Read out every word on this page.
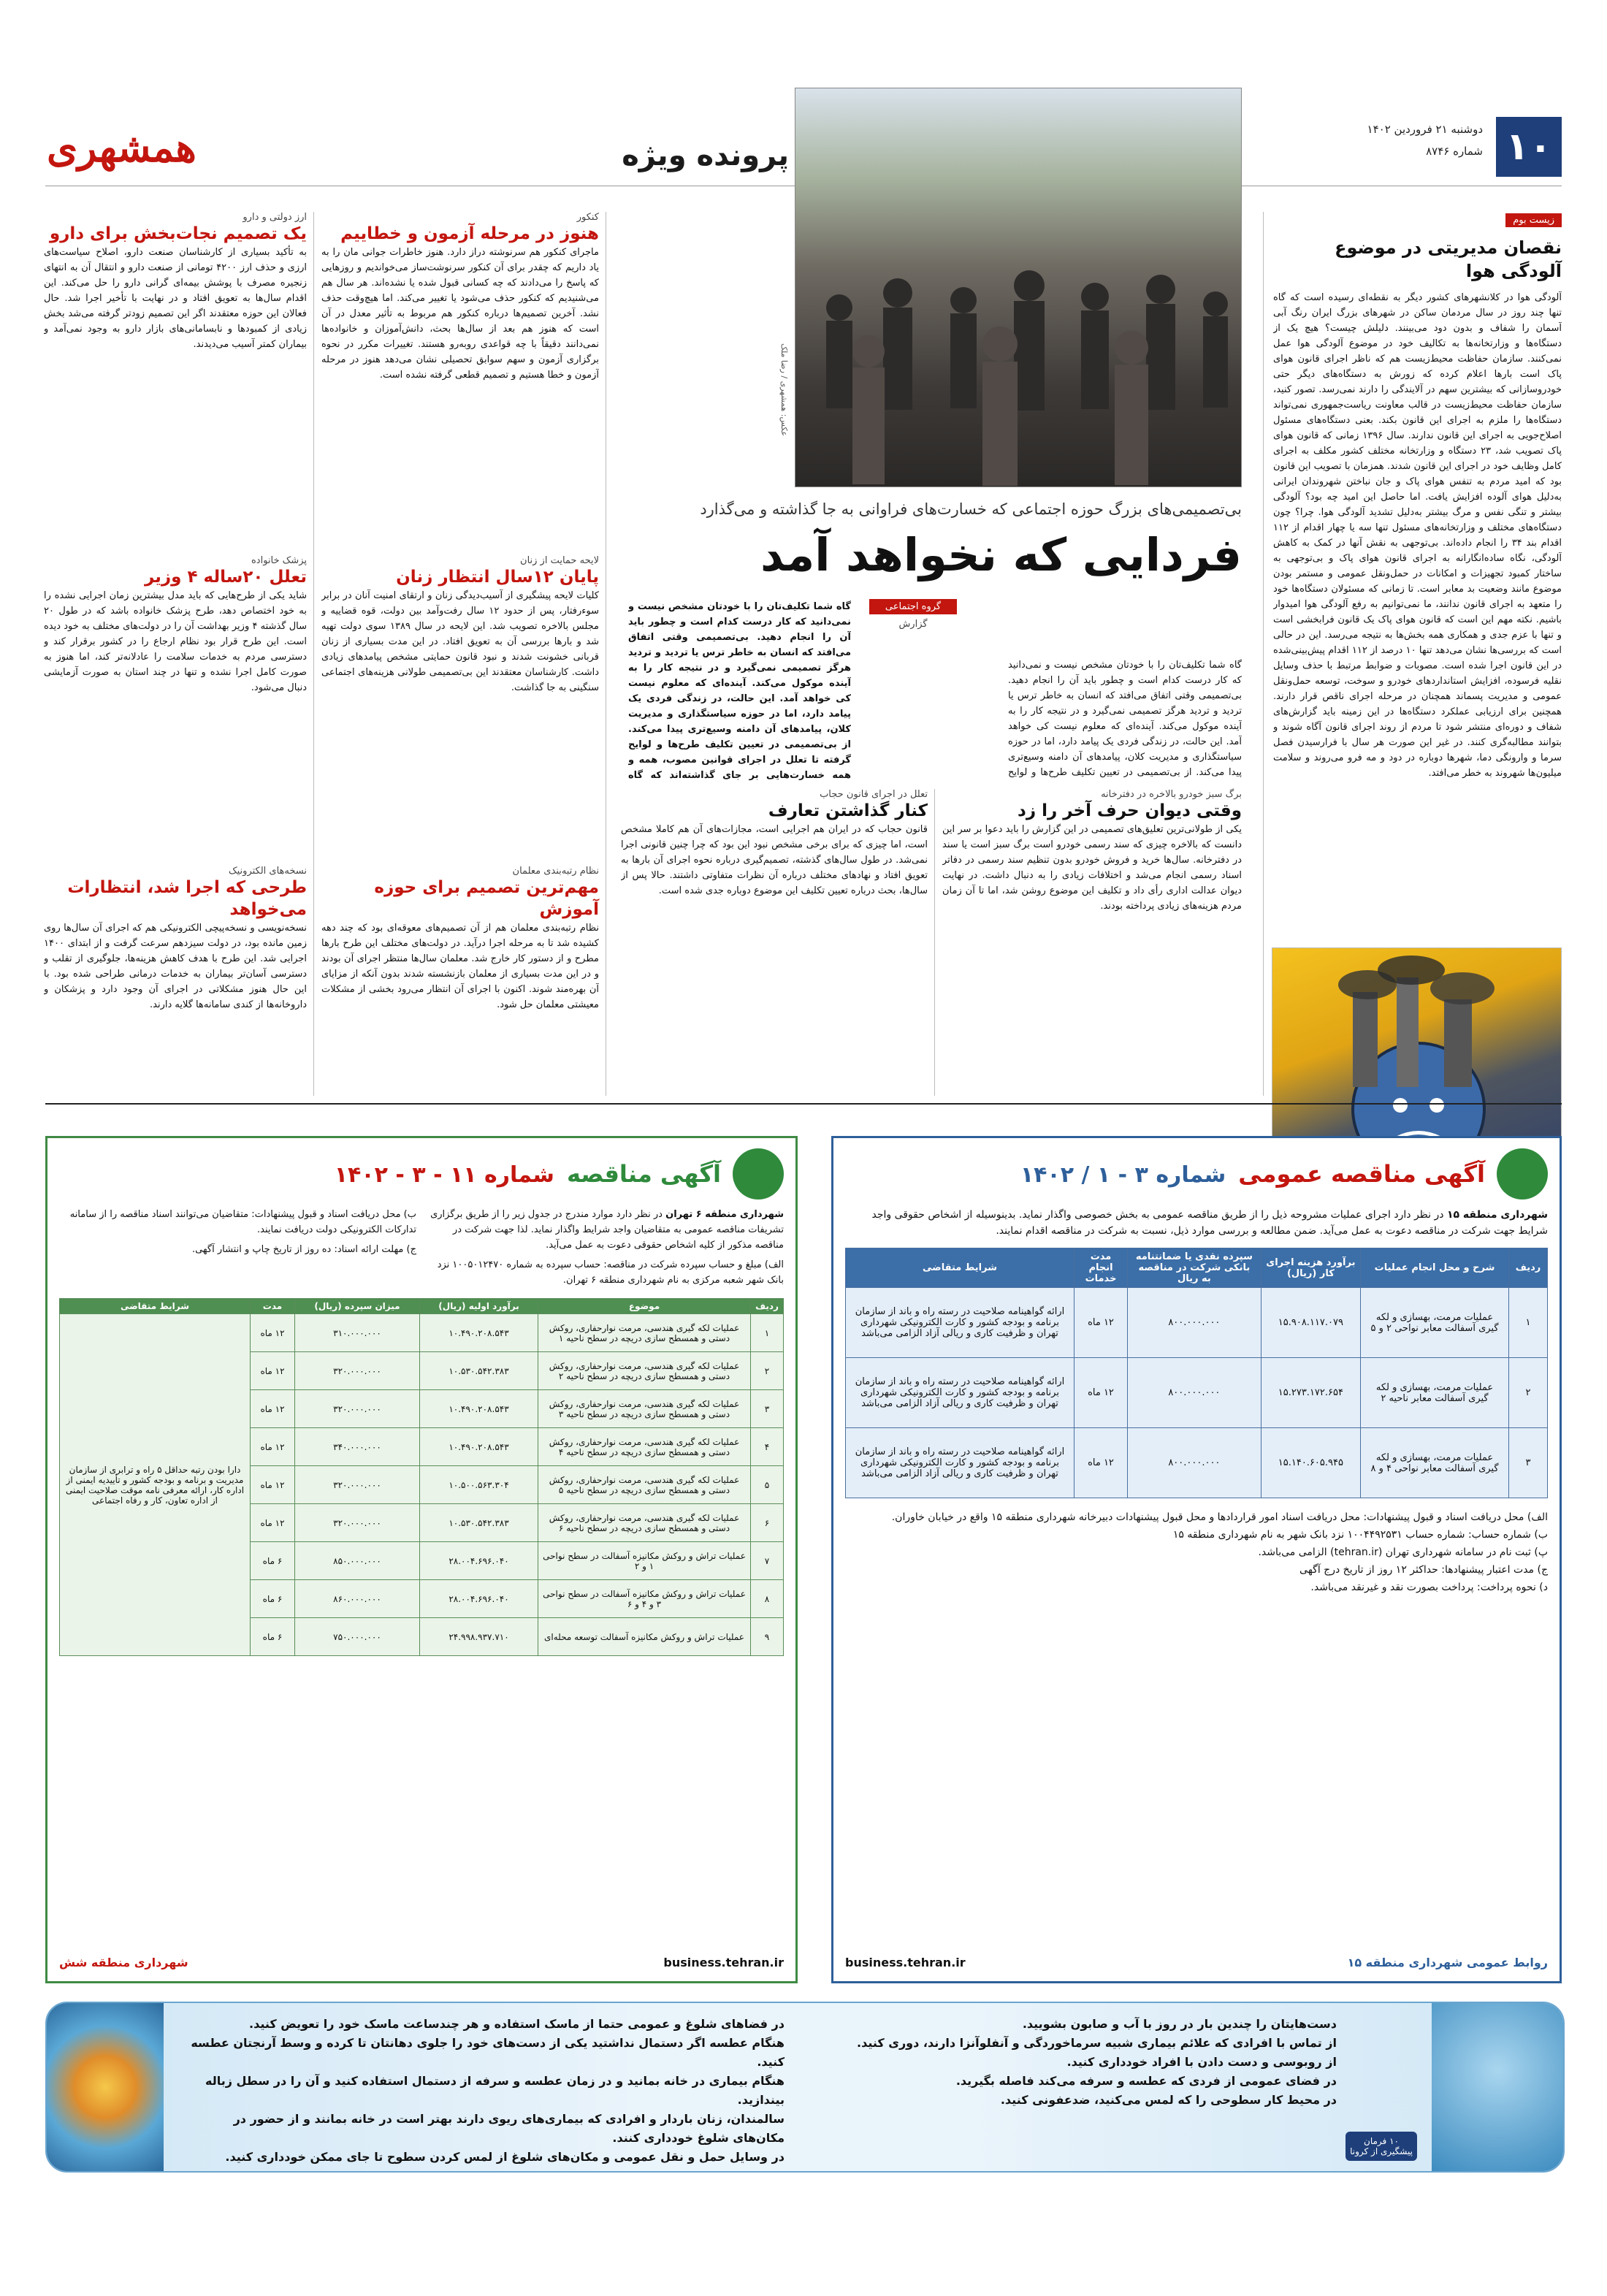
۱۰
دوشنبه ۲۱ فروردین ۱۴۰۲
شماره ۸۷۴۶
پرونده ویژه
همشهری
زیست بوم
نقصان مدیریتی در موضوع آلودگی هوا
آلودگی هوا در کلانشهرهای کشور دیگر به نقطه‌ای رسیده است که گاه تنها چند روز در سال مردمان ساکن در شهرهای بزرگ ایران رنگ آبی آسمان را شفاف و بدون دود می‌بینند. دلیلش چیست؟ هیچ یک از دستگاه‌ها و وزارتخانه‌ها به تکالیف خود در موضوع آلودگی هوا عمل نمی‌کنند. سازمان حفاظت محیط‌زیست هم که ناظر اجرای قانون هوای پاک است بارها اعلام کرده که زورش به دستگاه‌های دیگر حتی خودروسازانی که بیشترین سهم در آلایندگی را دارند نمی‌رسد. تصور کنید، سازمان حفاظت محیط‌زیست در قالب معاونت ریاست‌جمهوری نمی‌تواند دستگاه‌ها را ملزم به اجرای این قانون بکند. بعنی دستگاه‌های مسئول اصلاح‌جویی به اجرای این قانون ندارند. سال ۱۳۹۶ زمانی که قانون هوای پاک تصویب شد، ۲۳ دستگاه و وزارتخانه مختلف کشور مکلف به اجرای کامل وظایف خود در اجرای این قانون شدند. همزمان با تصویب این قانون بود که امید مردم به تنفس هوای پاک و جان نباختن شهروندان ایرانی به‌دلیل هوای آلوده افزایش یافت. اما حاصل این امید چه بود؟ آلودگی بیشتر و تنگی نفس و مرگ بیشتر به‌دلیل تشدید آلودگی هوا. چرا؟ چون دستگاه‌های مختلف و وزارتخانه‌های مسئول تنها سه یا چهار اقدام از ۱۱۲ اقدام بند ۳۴ را انجام داده‌اند. بی‌توجهی به نقش آنها در کمک به کاهش آلودگی، نگاه ساده‌انگارانه به اجرای قانون هوای پاک و بی‌توجهی به ساختار کمبود تجهیزات و امکانات در حمل‌ونقل عمومی و مستمر بودن موضوع مانند وضعیت بد معابر است. تا زمانی که مسئولان دستگاه‌ها خود را متعهد به اجرای قانون ندانند، ما نمی‌توانیم به رفع آلودگی هوا امیدوار باشیم. نکته مهم این است که قانون هوای پاک یک قانون فرابخشی است و تنها با عزم جدی و همکاری همه بخش‌ها به نتیجه می‌رسد. این در حالی است که بررسی‌ها نشان می‌دهد تنها ۱۰ درصد از ۱۱۲ اقدام پیش‌بینی‌شده در این قانون اجرا شده است. مصوبات و ضوابط مرتبط با حذف وسایل نقلیه فرسوده، افزایش استانداردهای خودرو و سوخت، توسعه حمل‌ونقل عمومی و مدیریت پسماند همچنان در مرحله اجرای ناقص قرار دارند. همچنین برای ارزیابی عملکرد دستگاه‌ها در این زمینه باید گزارش‌های شفاف و دوره‌ای منتشر شود تا مردم از روند اجرای قانون آگاه شوند و بتوانند مطالبه‌گری کنند. در غیر این صورت هر سال با فرارسیدن فصل سرما و وارونگی دما، شهرها دوباره در دود و مه فرو می‌روند و سلامت میلیون‌ها شهروند به خطر می‌افتد.
عکس: همشهری / رضا ملک
بی‌تصمیمی‌های بزرگ حوزه اجتماعی که خسارت‌های فراوانی به جا گذاشته و می‌گذارد
فردایی که نخواهد آمد
گروه اجتماعی
گزارش
گاه شما تکلیف‌تان را با خودتان مشخص نیست و نمی‌دانید که کار درست کدام است و چطور باید آن را انجام دهید. بی‌تصمیمی وقتی اتفاق می‌افتد که انسان به خاطر ترس یا تردید و تردید هرگز تصمیمی نمی‌گیرد و در نتیجه کار را به آینده موکول می‌کند. آینده‌ای که معلوم نیست کی خواهد آمد. این حالت، در زندگی فردی یک پیامد دارد، اما در حوزه سیاستگذاری و مدیریت کلان، پیامدهای آن دامنه وسیع‌تری پیدا می‌کند. از بی‌تصمیمی در تعیین تکلیف طرح‌ها و لوایح
گاه شما تکلیف‌تان را با خودتان مشخص نیست و نمی‌دانید که کار درست کدام است و چطور باید آن را انجام دهید. بی‌تصمیمی وقتی اتفاق می‌افتد که انسان به خاطر ترس یا تردید و تردید هرگز تصمیمی نمی‌گیرد و در نتیجه کار را به آینده موکول می‌کند. آینده‌ای که معلوم نیست کی خواهد آمد. این حالت، در زندگی فردی یک پیامد دارد، اما در حوزه سیاستگذاری و مدیریت کلان، پیامدهای آن دامنه وسیع‌تری پیدا می‌کند. از بی‌تصمیمی در تعیین تکلیف طرح‌ها و لوایح گرفته تا تعلل در اجرای قوانین مصوب، همه و همه خسارت‌هایی بر جای گذاشته‌اند که گاه
کنکور
هنوز در مرحله آزمون و خطاییم
ماجرای کنکور هم سرنوشته دراز دارد. هنوز خاطرات جوانی مان را به یاد داریم که چقدر برای آن کنکور سرنوشت‌ساز می‌خواندیم و روزهایی که پاسخ را می‌دادند که چه کسانی قبول شده یا نشده‌اند. هر سال هم می‌شنیدیم که کنکور حذف می‌شود یا تغییر می‌کند. اما هیچ‌وقت حذف نشد. آخرین تصمیم‌ها درباره کنکور هم مربوط به تأثیر معدل در آن است که هنوز هم بعد از سال‌ها بحث، دانش‌آموزان و خانواده‌ها نمی‌دانند دقیقاً با چه قواعدی روبه‌رو هستند. تغییرات مکرر در نحوه برگزاری آزمون و سهم سوابق تحصیلی نشان می‌دهد هنوز در مرحله آزمون و خطا هستیم و تصمیم قطعی گرفته نشده است.
ارز دولتی و دارو
یک تصمیم نجات‌بخش برای دارو
به تأکید بسیاری از کارشناسان صنعت دارو، اصلاح سیاست‌های ارزی و حذف ارز ۴۲۰۰ تومانی از صنعت دارو و انتقال آن به انتهای زنجیره مصرف با پوشش بیمه‌ای گرانی دارو را حل می‌کند. این اقدام سال‌ها به تعویق افتاد و در نهایت با تأخیر اجرا شد. حال فعالان این حوزه معتقدند اگر این تصمیم زودتر گرفته می‌شد بخش زیادی از کمبودها و نابسامانی‌های بازار دارو به وجود نمی‌آمد و بیماران کمتر آسیب می‌دیدند.
لایحه حمایت از زنان
پایان ۱۲سال انتظار زنان
کلیات لایحه پیشگیری از آسیب‌دیدگی زنان و ارتقای امنیت آنان در برابر سوءرفتار، پس از حدود ۱۲ سال رفت‌وآمد بین دولت، قوه قضاییه و مجلس بالاخره تصویب شد. این لایحه در سال ۱۳۸۹ سوی دولت تهیه شد و بارها بررسی آن به تعویق افتاد. در این مدت بسیاری از زنان قربانی خشونت شدند و نبود قانون حمایتی مشخص پیامدهای زیادی داشت. کارشناسان معتقدند این بی‌تصمیمی طولانی هزینه‌های اجتماعی سنگینی به جا گذاشت.
پزشک خانواده
تعلل ۲۰ساله ۴ وزیر
شاید یکی از طرح‌هایی که باید مدل بیشترین زمان اجرایی نشده را به خود اختصاص دهد، طرح پزشک خانواده باشد که در طول ۲۰ سال گذشته ۴ وزیر بهداشت آن را در دولت‌های مختلف به خود دیده است. این طرح قرار بود نظام ارجاع را در کشور برقرار کند و دسترسی مردم به خدمات سلامت را عادلانه‌تر کند، اما هنوز به صورت کامل اجرا نشده و تنها در چند استان به صورت آزمایشی دنبال می‌شود.
برگ سبز خودرو بالاخره در دفترخانه
وقتی دیوان حرف آخر را زد
یکی از طولانی‌ترین تعلیق‌های تصمیمی در این گزارش را باید دعوا بر سر این دانست که بالاخره چیزی که سند رسمی خودرو است برگ سبز است یا سند در دفترخانه. سال‌ها خرید و فروش خودرو بدون تنظیم سند رسمی در دفاتر اسناد رسمی انجام می‌شد و اختلافات زیادی را به دنبال داشت. در نهایت دیوان عدالت اداری رأی داد و تکلیف این موضوع روشن شد، اما تا آن زمان مردم هزینه‌های زیادی پرداخته بودند.
تعلل در اجرای قانون حجاب
کنار گذاشتن تعارف
قانون حجاب که در ایران هم اجرایی است، مجازات‌های آن هم کاملا مشخص است، اما چیزی که برای برخی مشخص نبود این بود که چرا چنین قانونی اجرا نمی‌شد. در طول سال‌های گذشته، تصمیم‌گیری درباره نحوه اجرای آن بارها به تعویق افتاد و نهادهای مختلف درباره آن نظرات متفاوتی داشتند. حالا پس از سال‌ها، بحث درباره تعیین تکلیف این موضوع دوباره جدی شده است.
نظام رتبه‌بندی معلمان
مهم‌ترین تصمیم برای حوزه آموزش
نظام رتبه‌بندی معلمان هم از آن تصمیم‌های معوقه‌ای بود که چند دهه کشیده شد تا به مرحله اجرا درآید. در دولت‌های مختلف این طرح بارها مطرح و از دستور کار خارج شد. معلمان سال‌ها منتظر اجرای آن بودند و در این مدت بسیاری از معلمان بازنشسته شدند بدون آنکه از مزایای آن بهره‌مند شوند. اکنون با اجرای آن انتظار می‌رود بخشی از مشکلات معیشتی معلمان حل شود.
نسخه‌های الکترونیک
طرحی که اجرا شد، انتظارات می‌خواهد
نسخه‌نویسی و نسخه‌پیچی الکترونیکی هم که اجرای آن سال‌ها روی زمین مانده بود، در دولت سیزدهم سرعت گرفت و از ابتدای ۱۴۰۰ اجرایی شد. این طرح با هدف کاهش هزینه‌ها، جلوگیری از تقلب و دسترسی آسان‌تر بیماران به خدمات درمانی طراحی شده بود. با این حال هنوز مشکلاتی در اجرای آن وجود دارد و پزشکان و داروخانه‌ها از کندی سامانه‌ها گلایه دارند.
آگهی مناقصه عمومی شماره ۳ - ۱ / ۱۴۰۲
شهرداری منطقه ۱۵ در نظر دارد اجرای عملیات مشروحه ذیل را از طریق مناقصه عمومی به بخش خصوصی واگذار نماید. بدینوسیله از اشخاص حقوقی واجد شرایط جهت شرکت در مناقصه دعوت به عمل می‌آید. ضمن مطالعه و بررسی موارد ذیل، نسبت به شرکت در مناقصه اقدام نمایند.
ردیف	شرح و محل انجام عملیات	برآورد هزینه اجرای کار (ریال)	سپرده نقدی یا ضمانتنامه بانکی شرکت در مناقصه به ریال	مدت انجام خدمات	شرایط متقاضی
۱	عملیات مرمت، بهسازی و لکه گیری آسفالت معابر نواحی ۲ و ۵	۱۵.۹۰۸.۱۱۷.۰۷۹	۸۰۰.۰۰۰.۰۰۰	۱۲ ماه	ارائه گواهینامه صلاحیت در رسته راه و باند از سازمان برنامه و بودجه کشور و کارت الکترونیکی شهرداری تهران و ظرفیت کاری و ریالی آزاد الزامی می‌باشد
۲	عملیات مرمت، بهسازی و لکه گیری آسفالت معابر ناحیه ۲	۱۵.۲۷۳.۱۷۲.۶۵۴	۸۰۰.۰۰۰.۰۰۰	۱۲ ماه	ارائه گواهینامه صلاحیت در رسته راه و باند از سازمان برنامه و بودجه کشور و کارت الکترونیکی شهرداری تهران و ظرفیت کاری و ریالی آزاد الزامی می‌باشد
۳	عملیات مرمت، بهسازی و لکه گیری آسفالت معابر نواحی ۴ و ۸	۱۵.۱۴۰.۶۰۵.۹۴۵	۸۰۰.۰۰۰.۰۰۰	۱۲ ماه	ارائه گواهینامه صلاحیت در رسته راه و باند از سازمان برنامه و بودجه کشور و کارت الکترونیکی شهرداری تهران و ظرفیت کاری و ریالی آزاد الزامی می‌باشد
الف) محل دریافت اسناد و قبول پیشنهادات: محل دریافت اسناد امور قراردادها و محل قبول پیشنهادات دبیرخانه شهرداری منطقه ۱۵ واقع در خیابان خاوران.
ب) شماره حساب: شماره حساب ۱۰۰۴۴۹۲۵۳۱ نزد بانک شهر به نام شهرداری منطقه ۱۵
پ) ثبت نام در سامانه شهرداری تهران (tehran.ir) الزامی می‌باشد.
ج) مدت اعتبار پیشنهادها: حداکثر ۱۲ روز از تاریخ درج آگهی
د) نحوه پرداخت: پرداخت بصورت نقد و غیرنقد می‌باشد.
روابط عمومی شهرداری منطقه ۱۵
business.tehran.ir
آگهی مناقصه شماره ۱۱ - ۳ - ۱۴۰۲
شهرداری منطقه ۶ تهران در نظر دارد موارد مندرج در جدول زیر را از طریق برگزاری تشریفات مناقصه عمومی به متقاضیان واجد شرایط واگذار نماید. لذا جهت شرکت در مناقصه مذکور از کلیه اشخاص حقوقی دعوت به عمل می‌آید.
الف) مبلغ و حساب سپرده شرکت در مناقصه: حساب سپرده به شماره ۱۰۰۵۰۱۲۴۷۰ نزد بانک شهر شعبه مرکزی به نام شهرداری منطقه ۶ تهران.
ب) محل دریافت اسناد و قبول پیشنهادات: متقاضیان می‌توانند اسناد مناقصه را از سامانه تدارکات الکترونیکی دولت دریافت نمایند.
ج) مهلت ارائه اسناد: ده روز از تاریخ چاپ و انتشار آگهی.
ردیف	موضوع	برآورد اولیه (ریال)	میزان سپرده (ریال)	مدت	شرایط متقاضی
۱	عملیات لکه گیری هندسی، مرمت نوارحفاری، روکش دستی و همسطح سازی دریچه در سطح ناحیه ۱	۱۰.۴۹۰.۲۰۸.۵۴۳	۳۱۰.۰۰۰.۰۰۰	۱۲ ماه	دارا بودن رتبه حداقل ۵ راه و ترابری از سازمان مدیریت و برنامه و بودجه کشور و تأییدیه ایمنی از اداره کار، ارائه معرفی نامه موقت صلاحیت ایمنی از اداره تعاون، کار و رفاه اجتماعی
۲	عملیات لکه گیری هندسی، مرمت نوارحفاری، روکش دستی و همسطح سازی دریچه در سطح ناحیه ۲	۱۰.۵۳۰.۵۴۲.۳۸۳	۳۲۰.۰۰۰.۰۰۰	۱۲ ماه	
۳	عملیات لکه گیری هندسی، مرمت نوارحفاری، روکش دستی و همسطح سازی دریچه در سطح ناحیه ۳	۱۰.۴۹۰.۲۰۸.۵۴۳	۳۲۰.۰۰۰.۰۰۰	۱۲ ماه	
۴	عملیات لکه گیری هندسی، مرمت نوارحفاری، روکش دستی و همسطح سازی دریچه در سطح ناحیه ۴	۱۰.۴۹۰.۲۰۸.۵۴۳	۳۴۰.۰۰۰.۰۰۰	۱۲ ماه	
۵	عملیات لکه گیری هندسی، مرمت نوارحفاری، روکش دستی و همسطح سازی دریچه در سطح ناحیه ۵	۱۰.۵۰۰.۵۶۳.۳۰۴	۳۲۰.۰۰۰.۰۰۰	۱۲ ماه	
۶	عملیات لکه گیری هندسی، مرمت نوارحفاری، روکش دستی و همسطح سازی دریچه در سطح ناحیه ۶	۱۰.۵۳۰.۵۴۲.۳۸۳	۳۲۰.۰۰۰.۰۰۰	۱۲ ماه	
۷	عملیات تراش و روکش مکانیزه آسفالت در سطح نواحی ۱ و ۲	۲۸.۰۰۴.۶۹۶.۰۴۰	۸۵۰.۰۰۰.۰۰۰	۶ ماه	
۸	عملیات تراش و روکش مکانیزه آسفالت در سطح نواحی ۳ و ۴ و ۶	۲۸.۰۰۴.۶۹۶.۰۴۰	۸۶۰.۰۰۰.۰۰۰	۶ ماه	
۹	عملیات تراش و روکش مکانیزه آسفالت توسعه محله‌ای	۲۴.۹۹۸.۹۳۷.۷۱۰	۷۵۰.۰۰۰.۰۰۰	۶ ماه	
business.tehran.ir
شهرداری منطقه شش
۱۰ فرمان پیشگیری از کرونا
دست‌هایتان را چندین بار در روز با آب و صابون بشویید.
از تماس با افرادی که علائم بیماری شبیه سرماخوردگی و آنفلوآنزا دارند، دوری کنید.
از روبوسی و دست دادن با افراد خودداری کنید.
در فضای عمومی از فردی که عطسه و سرفه می‌کند فاصله بگیرید.
در محیط کار سطوحی را که لمس می‌کنید، ضدعفونی کنید.
در فضاهای شلوغ و عمومی حتما از ماسک استفاده و هر چندساعت ماسک خود را تعویض کنید.
هنگام عطسه اگر دستمال نداشتید یکی از دست‌های خود را جلوی دهانتان تا کرده و وسط آرنجتان عطسه کنید.
هنگام بیماری در خانه بمانید و در زمان عطسه و سرفه از دستمال استفاده کنید و آن را در سطل زباله بیندازید.
سالمندان، زنان باردار و افرادی که بیماری‌های ریوی دارند بهتر است در خانه بمانند و از حضور در مکان‌های شلوغ خودداری کنند.
در وسایل حمل و نقل عمومی و مکان‌های شلوغ از لمس کردن سطوح تا جای ممکن خودداری کنید.
